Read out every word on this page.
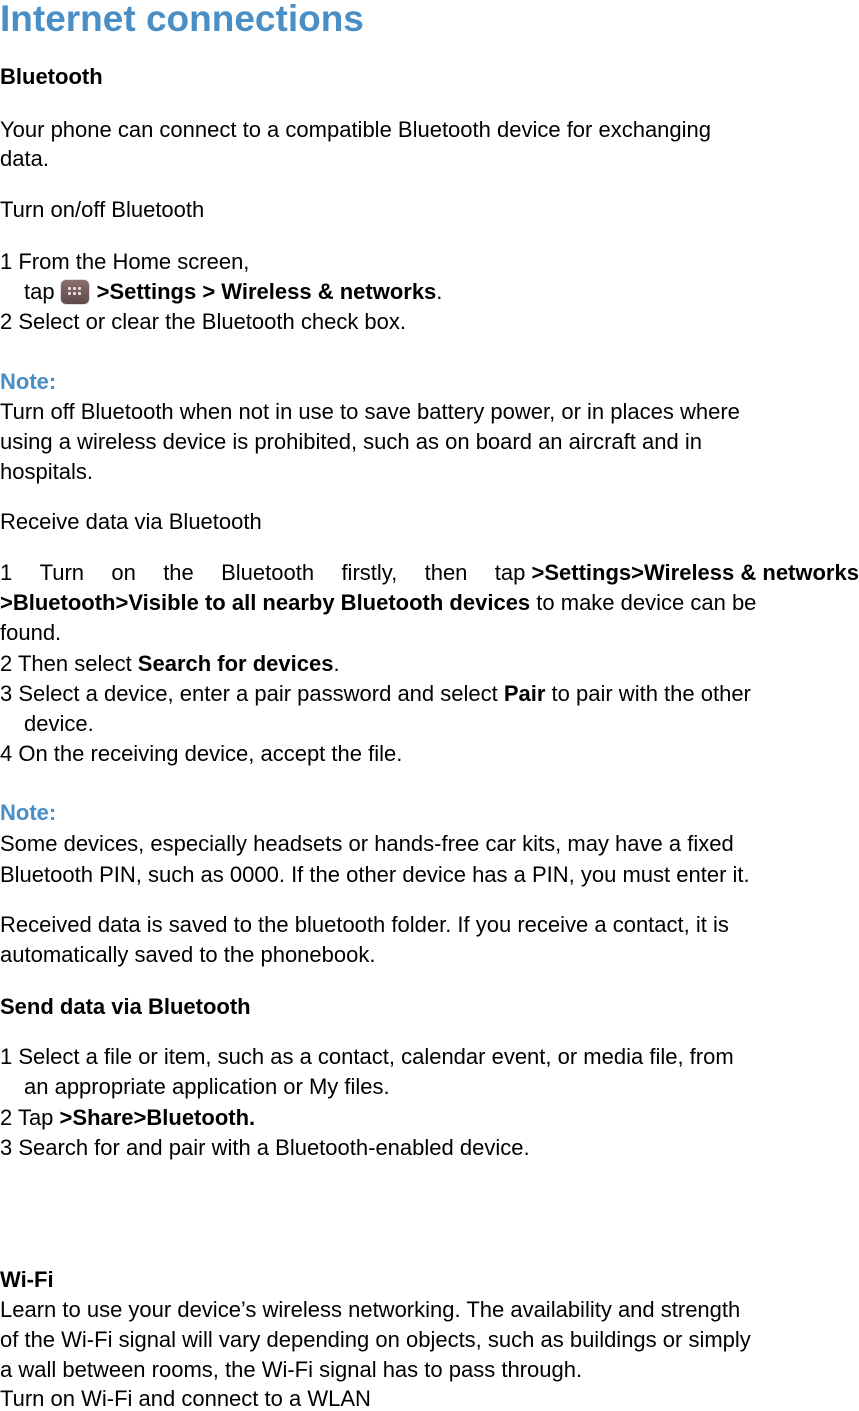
Internet connections
Bluetooth
Your phone can connect to a compatible Bluetooth device for exchanging
data.
Turn on/off Bluetooth
1 From the Home screen,
tap >Settings > Wireless & networks.
2 Select or clear the Bluetooth check box.
Note:
Turn off Bluetooth when not in use to save battery power, or in places where
using a wireless device is prohibited, such as on board an aircraft and in
hospitals.
Receive data via Bluetooth
1 Turn on the Bluetooth firstly, then tap >Settings>Wireless & networks
>Bluetooth>Visible to all nearby Bluetooth devices to make device can be
found.
2 Then select Search for devices.
3 Select a device, enter a pair password and select Pair to pair with the other
device.
4 On the receiving device, accept the file.
Note:
Some devices, especially headsets or hands-free car kits, may have a fixed
Bluetooth PIN, such as 0000. If the other device has a PIN, you must enter it.
Received data is saved to the bluetooth folder. If you receive a contact, it is
automatically saved to the phonebook.
Send data via Bluetooth
1 Select a file or item, such as a contact, calendar event, or media file, from
an appropriate application or My files.
2 Tap >Share>Bluetooth.
3 Search for and pair with a Bluetooth-enabled device.
Wi-Fi
Learn to use your device’s wireless networking. The availability and strength
of the Wi-Fi signal will vary depending on objects, such as buildings or simply
a wall between rooms, the Wi-Fi signal has to pass through.
Turn on Wi-Fi and connect to a WLAN
